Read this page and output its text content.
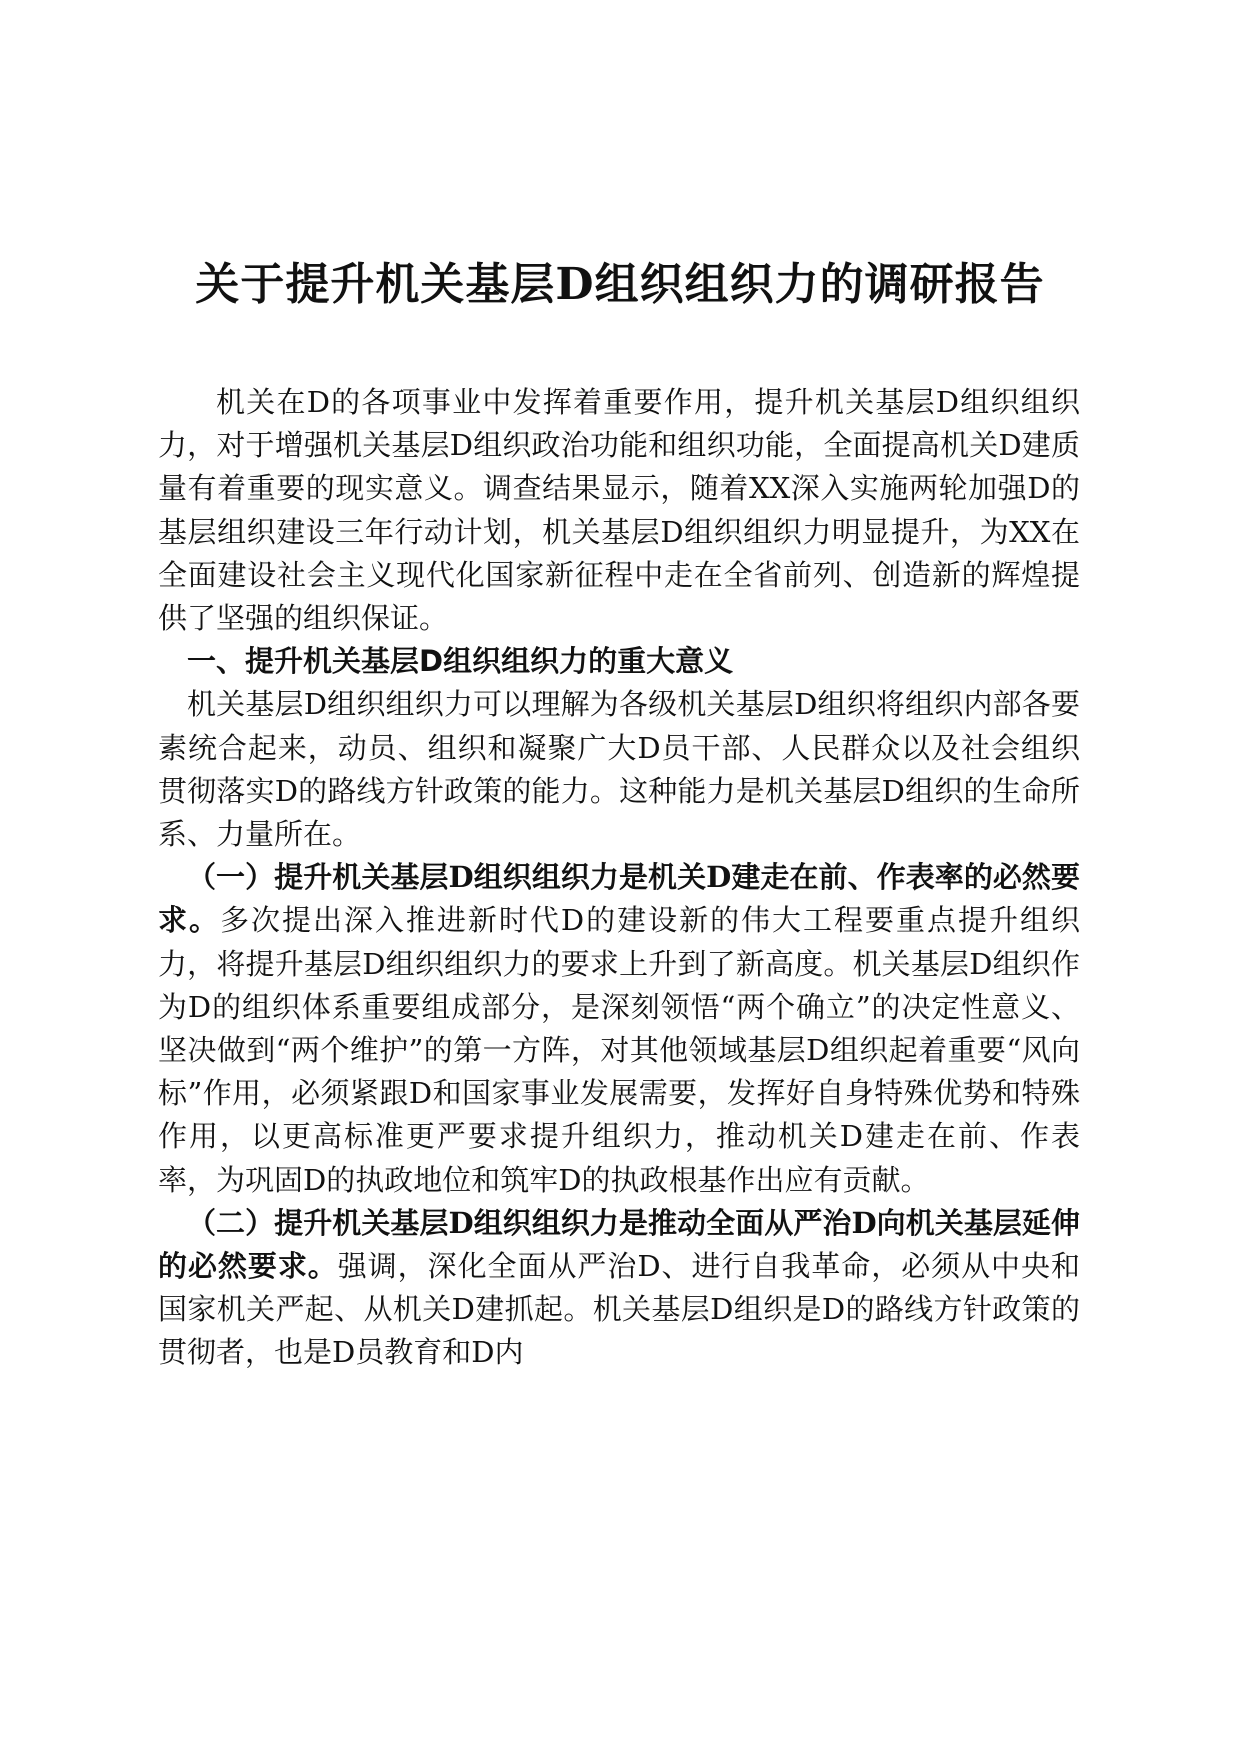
关于提升机关基层D组织组织力的调研报告

机关在D的各项事业中发挥着重要作用，提升机关基层D组织组织力，对于增强机关基层D组织政治功能和组织功能，全面提高机关D建质量有着重要的现实意义。调查结果显示，随着XX深入实施两轮加强D的基层组织建设三年行动计划，机关基层D组织组织力明显提升，为XX在全面建设社会主义现代化国家新征程中走在全省前列、创造新的辉煌提供了坚强的组织保证。

一、提升机关基层D组织组织力的重大意义

机关基层D组织组织力可以理解为各级机关基层D组织将组织内部各要素统合起来，动员、组织和凝聚广大D员干部、人民群众以及社会组织贯彻落实D的路线方针政策的能力。这种能力是机关基层D组织的生命所系、力量所在。

（一）提升机关基层D组织组织力是机关D建走在前、作表率的必然要求。多次提出深入推进新时代D的建设新的伟大工程要重点提升组织力，将提升基层D组织组织力的要求上升到了新高度。机关基层D组织作为D的组织体系重要组成部分，是深刻领悟“两个确立”的决定性意义、坚决做到“两个维护”的第一方阵，对其他领域基层D组织起着重要“风向标”作用，必须紧跟D和国家事业发展需要，发挥好自身特殊优势和特殊作用，以更高标准更严要求提升组织力，推动机关D建走在前、作表率，为巩固D的执政地位和筑牢D的执政根基作出应有贡献。

（二）提升机关基层D组织组织力是推动全面从严治D向机关基层延伸的必然要求。强调，深化全面从严治D、进行自我革命，必须从中央和国家机关严起、从机关D建抓起。机关基层D组织是D的路线方针政策的贯彻者，也是D员教育和D内
